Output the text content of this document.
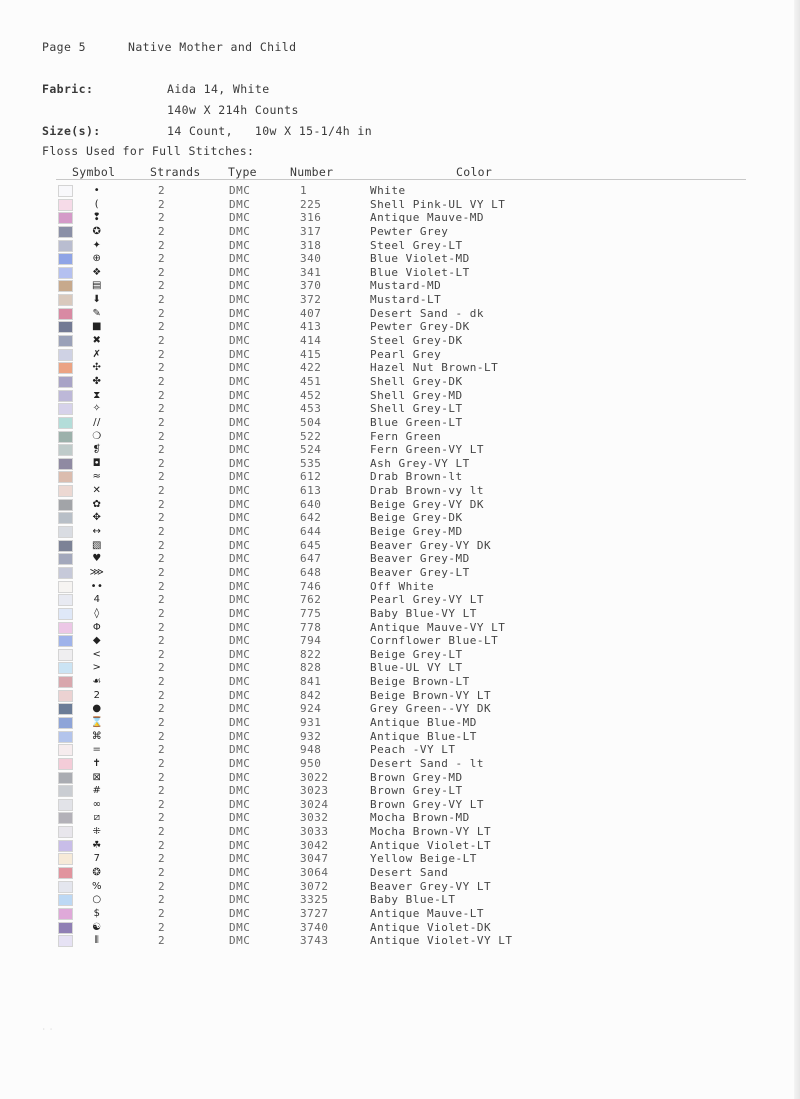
Page 5	Native Mother and Child
Fabric:	Aida 14, White
140w X 214h Counts
Size(s):	14 Count,   10w X 15-1/4h in
Floss Used for Full Stitches:
Symbol	Strands Type	Number	Color
•	2	DMC	1	White
(	2	DMC	225	Shell Pink-UL VY LT
❢	2	DMC	316	Antique Mauve-MD
✪	2	DMC	317	Pewter Grey
✦	2	DMC	318	Steel Grey-LT
⊕	2	DMC	340	Blue Violet-MD
❖	2	DMC	341	Blue Violet-LT
▤	2	DMC	370	Mustard-MD
⬇	2	DMC	372	Mustard-LT
✎	2	DMC	407	Desert Sand - dk
■	2	DMC	413	Pewter Grey-DK
✖	2	DMC	414	Steel Grey-DK
✗	2	DMC	415	Pearl Grey
✣	2	DMC	422	Hazel Nut Brown-LT
✤	2	DMC	451	Shell Grey-DK
⧗	2	DMC	452	Shell Grey-MD
✧	2	DMC	453	Shell Grey-LT
//	2	DMC	504	Blue Green-LT
❍	2	DMC	522	Fern Green
❡	2	DMC	524	Fern Green-VY LT
◘	2	DMC	535	Ash Grey-VY LT
≈	2	DMC	612	Drab Brown-lt
✕	2	DMC	613	Drab Brown-vy lt
✿	2	DMC	640	Beige Grey-VY DK
✥	2	DMC	642	Beige Grey-DK
↔	2	DMC	644	Beige Grey-MD
▧	2	DMC	645	Beaver Grey-VY DK
♥	2	DMC	647	Beaver Grey-MD
⋙	2	DMC	648	Beaver Grey-LT
••	2	DMC	746	Off White
4	2	DMC	762	Pearl Grey-VY LT
◊	2	DMC	775	Baby Blue-VY LT
Φ	2	DMC	778	Antique Mauve-VY LT
◆	2	DMC	794	Cornflower Blue-LT
<	2	DMC	822	Beige Grey-LT
>	2	DMC	828	Blue-UL VY LT
☙	2	DMC	841	Beige Brown-LT
2	2	DMC	842	Beige Brown-VY LT
●	2	DMC	924	Grey Green--VY DK
⌛	2	DMC	931	Antique Blue-MD
⌘	2	DMC	932	Antique Blue-LT
=	2	DMC	948	Peach -VY LT
✝	2	DMC	950	Desert Sand - lt
⊠	2	DMC	3022	Brown Grey-MD
#	2	DMC	3023	Brown Grey-LT
∞	2	DMC	3024	Brown Grey-VY LT
⧄	2	DMC	3032	Mocha Brown-MD
⁜	2	DMC	3033	Mocha Brown-VY LT
☘	2	DMC	3042	Antique Violet-LT
7	2	DMC	3047	Yellow Beige-LT
❂	2	DMC	3064	Desert Sand
%	2	DMC	3072	Beaver Grey-VY LT
○	2	DMC	3325	Baby Blue-LT
$	2	DMC	3727	Antique Mauve-LT
☯	2	DMC	3740	Antique Violet-DK
⦀	2	DMC	3743	Antique Violet-VY LT
· ·
